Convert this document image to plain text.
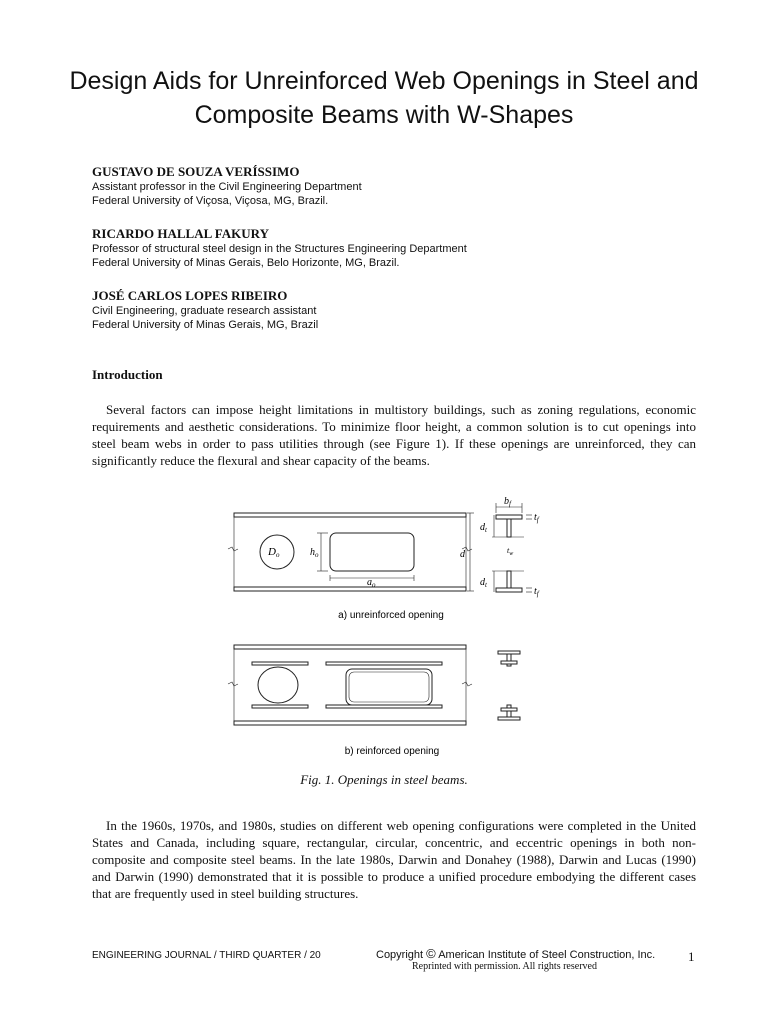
Design Aids for Unreinforced Web Openings in Steel and Composite Beams with W-Shapes
GUSTAVO DE SOUZA VERÍSSIMO
Assistant professor in the Civil Engineering Department
Federal University of Viçosa, Viçosa, MG, Brazil.
RICARDO HALLAL FAKURY
Professor of structural steel design in the Structures Engineering Department
Federal University of Minas Gerais, Belo Horizonte, MG, Brazil.
JOSÉ CARLOS LOPES RIBEIRO
Civil Engineering, graduate research assistant
Federal University of Minas Gerais, MG, Brazil
Introduction
Several factors can impose height limitations in multistory buildings, such as zoning regulations, economic requirements and aesthetic considerations. To minimize floor height, a common solution is to cut openings into steel beam webs in order to pass utilities through (see Figure 1). If these openings are unreinforced, they can significantly reduce the flexural and shear capacity of the beams.
Do	$h_o$
$a_o$
d
$b_f$
$t_f$
$d_t$
$t_w$
$d_t$
$t_f$
a) unreinforced opening
b) reinforced opening
Fig. 1. Openings in steel beams.
In the 1960s, 1970s, and 1980s, studies on different web opening configurations were completed in the United States and Canada, including square, rectangular, circular, concentric, and eccentric openings in both non-composite and composite steel beams. In the late 1980s, Darwin and Donahey (1988), Darwin and Lucas (1990) and Darwin (1990) demonstrated that it is possible to produce a unified procedure embodying the different cases that are frequently used in steel building structures.
ENGINEERING JOURNAL / THIRD QUARTER / 20	Copyright © American Institute of Steel Construction, Inc.
Reprinted with permission. All rights reserved
1
